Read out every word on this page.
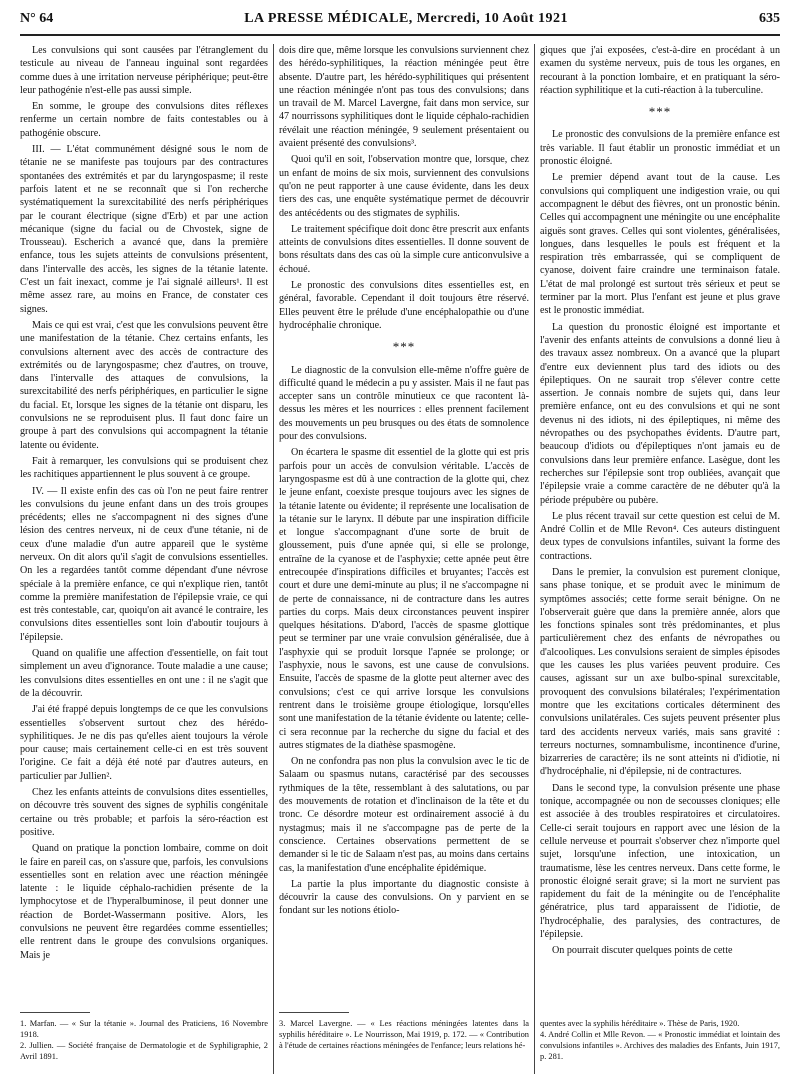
N° 64	LA PRESSE MÉDICALE, Mercredi, 10 Août 1921	635

Les convulsions qui sont causées par l'étranglement du testicule au niveau de l'anneau inguinal sont regardées comme dues à une irritation nerveuse périphérique; peut-être leur pathogénie n'est-elle pas aussi simple.

En somme, le groupe des convulsions dites réflexes renferme un certain nombre de faits contestables ou à pathogénie obscure.

III. — L'état communément désigné sous le nom de tétanie ne se manifeste pas toujours par des contractures spontanées des extrémités et par du laryngospasme; il reste parfois latent et ne se reconnaît que si l'on recherche systématiquement la surexcitabilité des nerfs périphériques par le courant électrique (signe d'Erb) et par une action mécanique (signe du facial ou de Chvostek, signe de Trousseau). Escherich a avancé que, dans la première enfance, tous les sujets atteints de convulsions présentent, dans l'intervalle des accès, les signes de la tétanie latente. C'est un fait inexact, comme je l'ai signalé ailleurs¹. Il est même assez rare, au moins en France, de constater ces signes.

Mais ce qui est vrai, c'est que les convulsions peuvent être une manifestation de la tétanie. Chez certains enfants, les convulsions alternent avec des accès de contracture des extrémités ou de laryngospasme; chez d'autres, on trouve, dans l'intervalle des attaques de convulsions, la surexcitabilité des nerfs périphériques, en particulier le signe du facial. Et, lorsque les signes de la tétanie ont disparu, les convulsions ne se reproduisent plus. Il faut donc faire un groupe à part des convulsions qui accompagnent la tétanie latente ou évidente.

Fait à remarquer, les convulsions qui se produisent chez les rachitiques appartiennent le plus souvent à ce groupe.

IV. — Il existe enfin des cas où l'on ne peut faire rentrer les convulsions du jeune enfant dans un des trois groupes précédents; elles ne s'accompagnent ni des signes d'une lésion des centres nerveux, ni de ceux d'une tétanie, ni de ceux d'une maladie d'un autre appareil que le système nerveux. On dit alors qu'il s'agit de convulsions essentielles. On les a regardées tantôt comme dépendant d'une névrose spéciale à la première enfance, ce qui n'explique rien, tantôt comme la première manifestation de l'épilepsie vraie, ce qui est très contestable, car, quoiqu'on ait avancé le contraire, les convulsions dites essentielles sont loin d'aboutir toujours à l'épilepsie.

Quand on qualifie une affection d'essentielle, on fait tout simplement un aveu d'ignorance. Toute maladie a une cause; les convulsions dites essentielles en ont une : il ne s'agit que de la découvrir.

J'ai été frappé depuis longtemps de ce que les convulsions essentielles s'observent surtout chez des hérédo-syphilitiques. Je ne dis pas qu'elles aient toujours la vérole pour cause; mais certainement celle-ci en est très souvent l'origine. Ce fait a déjà été noté par d'autres auteurs, en particulier par Jullien².

Chez les enfants atteints de convulsions dites essentielles, on découvre très souvent des signes de syphilis congénitale certaine ou très probable; et parfois la séro-réaction est positive.

Quand on pratique la ponction lombaire, comme on doit le faire en pareil cas, on s'assure que, parfois, les convulsions essentielles sont en relation avec une réaction méningée latente : le liquide céphalo-rachidien présente de la lymphocytose et de l'hyperalbuminose, il peut donner une réaction de Bordet-Wassermann positive. Alors, les convulsions ne peuvent être regardées comme essentielles; elle rentrent dans le groupe des convulsions organiques. Mais je

dois dire que, même lorsque les convulsions surviennent chez des hérédo-syphilitiques, la réaction méningée peut être absente. D'autre part, les hérédo-syphilitiques qui présentent une réaction méningée n'ont pas tous des convulsions; dans un travail de M. Marcel Lavergne, fait dans mon service, sur 47 nourrissons syphilitiques dont le liquide céphalo-rachidien révélait une réaction méningée, 9 seulement présentaient ou avaient présenté des convulsions³.

Quoi qu'il en soit, l'observation montre que, lorsque, chez un enfant de moins de six mois, surviennent des convulsions qu'on ne peut rapporter à une cause évidente, dans les deux tiers des cas, une enquête systématique permet de découvrir des antécédents ou des stigmates de syphilis.

Le traitement spécifique doit donc être prescrit aux enfants atteints de convulsions dites essentielles. Il donne souvent de bons résultats dans des cas où la simple cure anticonvulsive a échoué.

Le pronostic des convulsions dites essentielles est, en général, favorable. Cependant il doit toujours être réservé. Elles peuvent être le prélude d'une encéphalopathie ou d'une hydrocéphalie chronique.

***

Le diagnostic de la convulsion elle-même n'offre guère de difficulté quand le médecin a pu y assister. Mais il ne faut pas accepter sans un contrôle minutieux ce que racontent là-dessus les mères et les nourrices : elles prennent facilement des mouvements un peu brusques ou des états de somnolence pour des convulsions.

On écartera le spasme dit essentiel de la glotte qui est pris parfois pour un accès de convulsion véritable. L'accès de laryngospasme est dû à une contraction de la glotte qui, chez le jeune enfant, coexiste presque toujours avec les signes de la tétanie latente ou évidente; il représente une localisation de la tétanie sur le larynx. Il débute par une inspiration difficile et longue s'accompagnant d'une sorte de bruit de gloussement, puis d'une apnée qui, si elle se prolonge, entraîne de la cyanose et de l'asphyxie; cette apnée peut être entrecoupée d'inspirations difficiles et bruyantes; l'accès est court et dure une demi-minute au plus; il ne s'accompagne ni de perte de connaissance, ni de contracture dans les autres parties du corps. Mais deux circonstances peuvent inspirer quelques hésitations. D'abord, l'accès de spasme glottique peut se terminer par une vraie convulsion généralisée, due à l'asphyxie qui se produit lorsque l'apnée se prolonge; or l'asphyxie, nous le savons, est une cause de convulsions. Ensuite, l'accès de spasme de la glotte peut alterner avec des convulsions; c'est ce qui arrive lorsque les convulsions rentrent dans le troisième groupe étiologique, lorsqu'elles sont une manifestation de la tétanie évidente ou latente; celle-ci sera reconnue par la recherche du signe du facial et des autres stigmates de la diathèse spasmogène.

On ne confondra pas non plus la convulsion avec le tic de Salaam ou spasmus nutans, caractérisé par des secousses rythmiques de la tête, ressemblant à des salutations, ou par des mouvements de rotation et d'inclinaison de la tête et du tronc. Ce désordre moteur est ordinairement associé à du nystagmus; mais il ne s'accompagne pas de perte de la conscience. Certaines observations permettent de se demander si le tic de Salaam n'est pas, au moins dans certains cas, la manifestation d'une encéphalite épidémique.

La partie la plus importante du diagnostic consiste à découvrir la cause des convulsions. On y parvient en se fondant sur les notions étiolo-

giques que j'ai exposées, c'est-à-dire en procédant à un examen du système nerveux, puis de tous les organes, en recourant à la ponction lombaire, et en pratiquant la séro-réaction syphilitique et la cuti-réaction à la tuberculine.

***

Le pronostic des convulsions de la première enfance est très variable. Il faut établir un pronostic immédiat et un pronostic éloigné.

Le premier dépend avant tout de la cause. Les convulsions qui compliquent une indigestion vraie, ou qui accompagnent le début des fièvres, ont un pronostic bénin. Celles qui accompagnent une méningite ou une encéphalite aiguës sont graves. Celles qui sont violentes, généralisées, longues, dans lesquelles le pouls est fréquent et la respiration très embarrassée, qui se compliquent de cyanose, doivent faire craindre une terminaison fatale. L'état de mal prolongé est surtout très sérieux et peut se terminer par la mort. Plus l'enfant est jeune et plus grave est le pronostic immédiat.

La question du pronostic éloigné est importante et l'avenir des enfants atteints de convulsions a donné lieu à des travaux assez nombreux. On a avancé que la plupart d'entre eux deviennent plus tard des idiots ou des épileptiques. On ne saurait trop s'élever contre cette assertion. Je connais nombre de sujets qui, dans leur première enfance, ont eu des convulsions et qui ne sont devenus ni des idiots, ni des épileptiques, ni même des névropathes ou des psychopathes évidents. D'autre part, beaucoup d'idiots ou d'épileptiques n'ont jamais eu de convulsions dans leur première enfance. Lasègue, dont les recherches sur l'épilepsie sont trop oubliées, avançait que l'épilepsie vraie a comme caractère de ne débuter qu'à la période prépubère ou pubère.

Le plus récent travail sur cette question est celui de M. André Collin et de Mlle Revon⁴. Ces auteurs distinguent deux types de convulsions infantiles, suivant la forme des contractions.

Dans le premier, la convulsion est purement clonique, sans phase tonique, et se produit avec le minimum de symptômes associés; cette forme serait bénigne. On ne l'observerait guère que dans la première année, alors que les fonctions spinales sont très prédominantes, et plus particulièrement chez des enfants de névropathes ou d'alcooliques. Les convulsions seraient de simples épisodes que les causes les plus variées peuvent produire. Ces causes, agissant sur un axe bulbo-spinal surexcitable, provoquent des convulsions bilatérales; l'expérimentation montre que les excitations corticales déterminent des convulsions unilatérales. Ces sujets peuvent présenter plus tard des accidents nerveux variés, mais sans gravité : terreurs nocturnes, somnambulisme, incontinence d'urine, bizarreries de caractère; ils ne sont atteints ni d'idiotie, ni d'hydrocéphalie, ni d'épilepsie, ni de contractures.

Dans le second type, la convulsion présente une phase tonique, accompagnée ou non de secousses cloniques; elle est associée à des troubles respiratoires et circulatoires. Celle-ci serait toujours en rapport avec une lésion de la cellule nerveuse et pourrait s'observer chez n'importe quel sujet, lorsqu'une infection, une intoxication, un traumatisme, lèse les centres nerveux. Dans cette forme, le pronostic éloigné serait grave; si la mort ne survient pas rapidement du fait de la méningite ou de l'encéphalite génératrice, plus tard apparaissent de l'idiotie, de l'hydrocéphalie, des paralysies, des contractures, de l'épilepsie.

On pourrait discuter quelques points de cette

1. Marfan. — « Sur la tétanie ». Journal des Praticiens, 16 Novembre 1918.

2. Jullien. — Société française de Dermatologie et de Syphiligraphie, 2 Avril 1891.

3. Marcel Lavergne. — « Les réactions méningées latentes dans la syphilis héréditaire ». Le Nourrisson, Mai 1919, p. 172. — « Contribution à l'étude de certaines réactions méningées de l'enfance; leurs relations hé-

quentes avec la syphilis héréditaire ». Thèse de Paris, 1920.

4. André Collin et Mlle Revon. — « Pronostic immédiat et lointain des convulsions infantiles ». Archives des maladies des Enfants, Juin 1917, p. 281.
